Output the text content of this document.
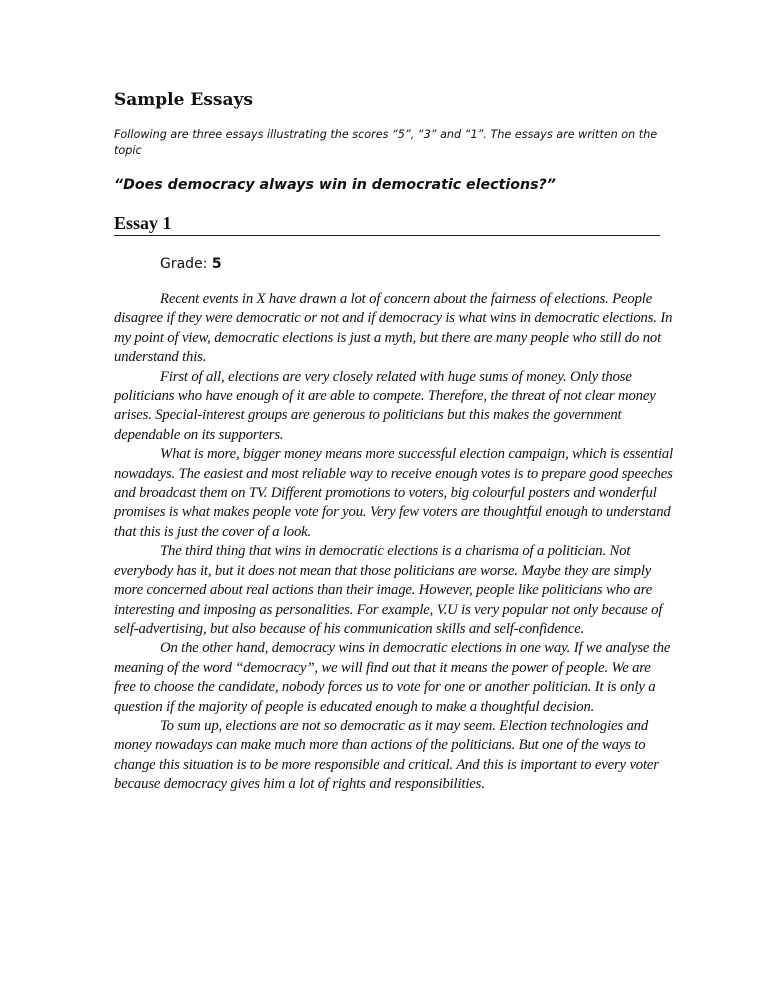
Sample Essays

Following are three essays illustrating the scores “5”, “3” and “1”. The essays are written on the topic

“Does democracy always win in democratic elections?”

Essay 1

Grade: 5

Recent events in X have drawn a lot of concern about the fairness of elections. People disagree if they were democratic or not and if democracy is what wins in democratic elections. In my point of view, democratic elections is just a myth, but there are many people who still do not understand this.

First of all, elections are very closely related with huge sums of money. Only those politicians who have enough of it are able to compete. Therefore, the threat of not clear money arises. Special-interest groups are generous to politicians but this makes the government dependable on its supporters.

What is more, bigger money means more successful election campaign, which is essential nowadays. The easiest and most reliable way to receive enough votes is to prepare good speeches and broadcast them on TV. Different promotions to voters, big colourful posters and wonderful promises is what makes people vote for you. Very few voters are thoughtful enough to understand that this is just the cover of a look.

The third thing that wins in democratic elections is a charisma of a politician. Not everybody has it, but it does not mean that those politicians are worse. Maybe they are simply more concerned about real actions than their image. However, people like politicians who are interesting and imposing as personalities. For example, V.U is very popular not only because of self-advertising, but also because of his communication skills and self-confidence.

On the other hand, democracy wins in democratic elections in one way. If we analyse the meaning of the word “democracy”, we will find out that it means the power of people. We are free to choose the candidate, nobody forces us to vote for one or another politician. It is only a question if the majority of people is educated enough to make a thoughtful decision.

To sum up, elections are not so democratic as it may seem. Election technologies and money nowadays can make much more than actions of the politicians. But one of the ways to change this situation is to be more responsible and critical. And this is important to every voter because democracy gives him a lot of rights and responsibilities.
